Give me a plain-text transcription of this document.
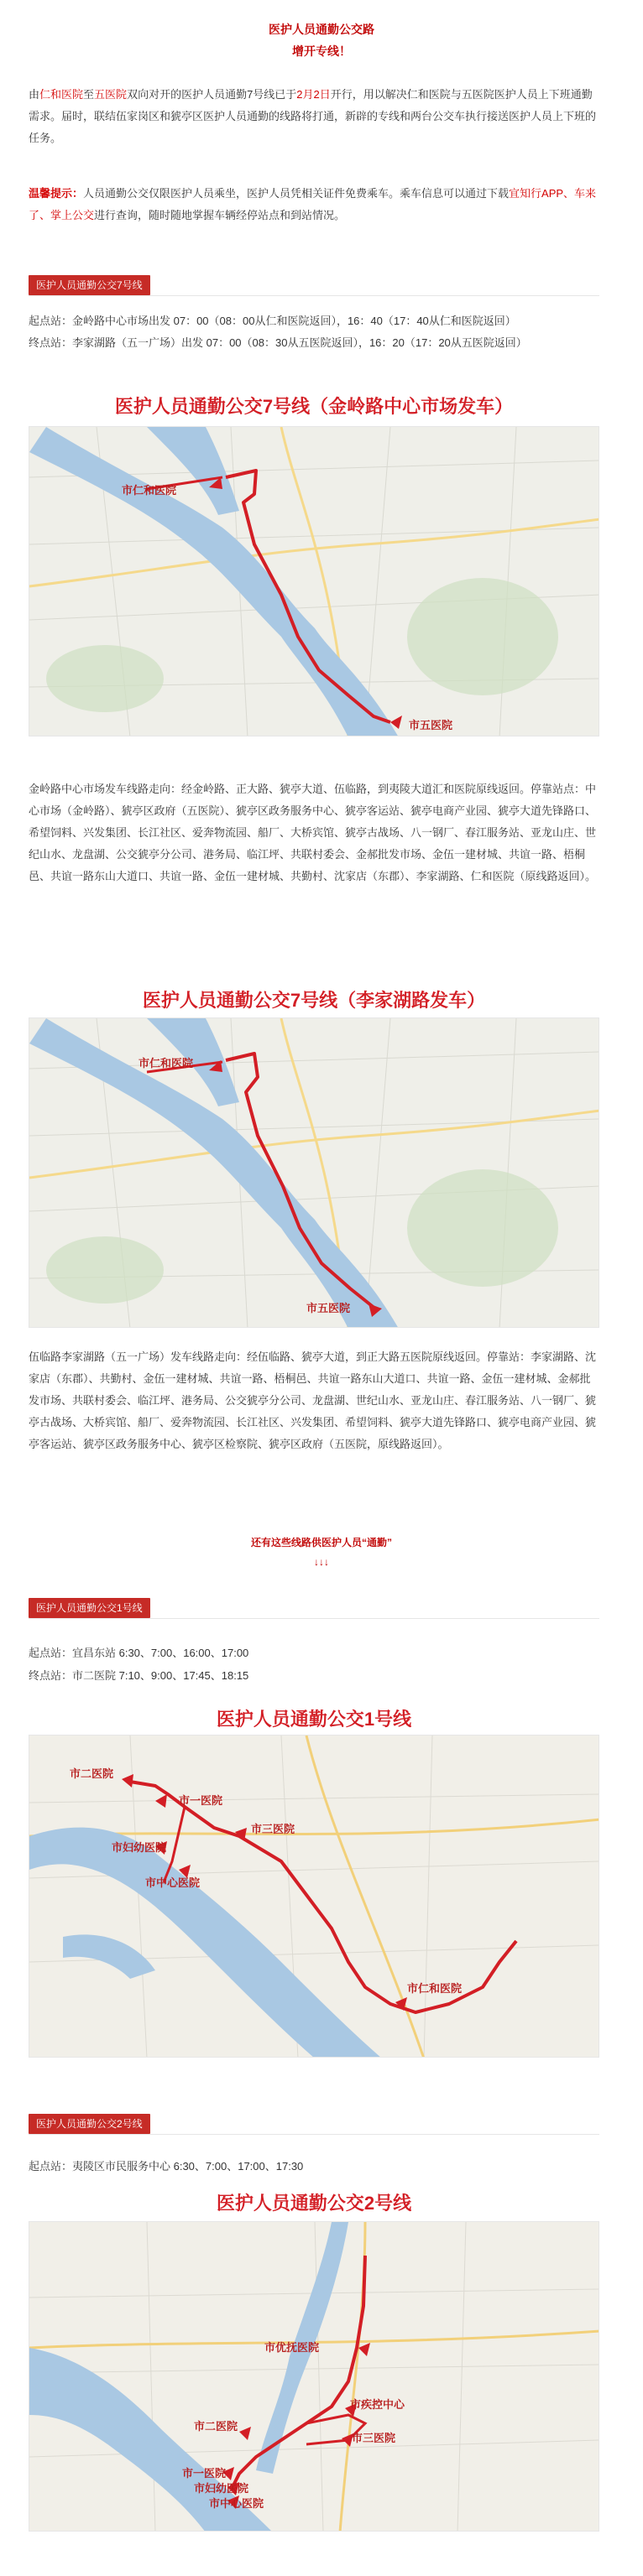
医护人员通勤公交路
增开专线！

由仁和医院至五医院双向对开的医护人员通勤7号线已于2月2日开行，用以解决仁和医院与五医院医护人员上下班通勤需求。届时，联结伍家岗区和猇亭区医护人员通勤的线路将打通，新辟的专线和两台公交车执行接送医护人员上下班的任务。

温馨提示：人员通勤公交仅限医护人员乘坐，医护人员凭相关证件免费乘车。乘车信息可以通过下载宜知行APP、车来了、掌上公交进行查询，随时随地掌握车辆经停站点和到站情况。

医护人员通勤公交7号线

起点站：金岭路中心市场出发 07：00（08：00从仁和医院返回），16：40（17：40从仁和医院返回）

终点站：李家湖路（五一广场）出发 07：00（08：30从五医院返回），16：20（17：20从五医院返回）

医护人员通勤公交7号线（金岭路中心市场发车）
市仁和医院
市五医院

金岭路中心市场发车线路走向：经金岭路、正大路、猇亭大道、伍临路，到夷陵大道汇和医院原线返回。停靠站点：中心市场（金岭路）、猇亭区政府（五医院）、猇亭区政务服务中心、猇亭客运站、猇亭电商产业园、猇亭大道先锋路口、希望饲料、兴发集团、长江社区、爱奔物流园、船厂、大桥宾馆、猇亭古战场、八一钢厂、春江服务站、亚龙山庄、世纪山水、龙盘湖、公交猇亭分公司、港务局、临江坪、共联村委会、金郝批发市场、金伍一建材城、共谊一路、梧桐邑、共谊一路东山大道口、共谊一路、金伍一建材城、共勤村、沈家店（东郡）、李家湖路、仁和医院（原线路返回）。

医护人员通勤公交7号线（李家湖路发车）
市仁和医院
市五医院

伍临路李家湖路（五一广场）发车线路走向：经伍临路、猇亭大道，到正大路五医院原线返回。停靠站：李家湖路、沈家店（东郡）、共勤村、金伍一建材城、共谊一路、梧桐邑、共谊一路东山大道口、共谊一路、金伍一建材城、金郝批发市场、共联村委会、临江坪、港务局、公交猇亭分公司、龙盘湖、世纪山水、亚龙山庄、春江服务站、八一钢厂、猇亭古战场、大桥宾馆、船厂、爱奔物流园、长江社区、兴发集团、希望饲料、猇亭大道先锋路口、猇亭电商产业园、猇亭客运站、猇亭区政务服务中心、猇亭区检察院、猇亭区政府（五医院，原线路返回）。

还有这些线路供医护人员“通勤”
↓↓↓
医护人员通勤公交1号线

起点站：宜昌东站 6:30、7:00、16:00、17:00

终点站：市二医院 7:10、9:00、17:45、18:15

医护人员通勤公交1号线
市二医院
市一医院
市三医院
市妇幼医院
市中心医院
市仁和医院
医护人员通勤公交2号线

起点站：夷陵区市民服务中心 6:30、7:00、17:00、17:30

医护人员通勤公交2号线
市优抚医院
市疾控中心
市二医院
市三医院
市一医院
市妇幼医院
市中心医院
